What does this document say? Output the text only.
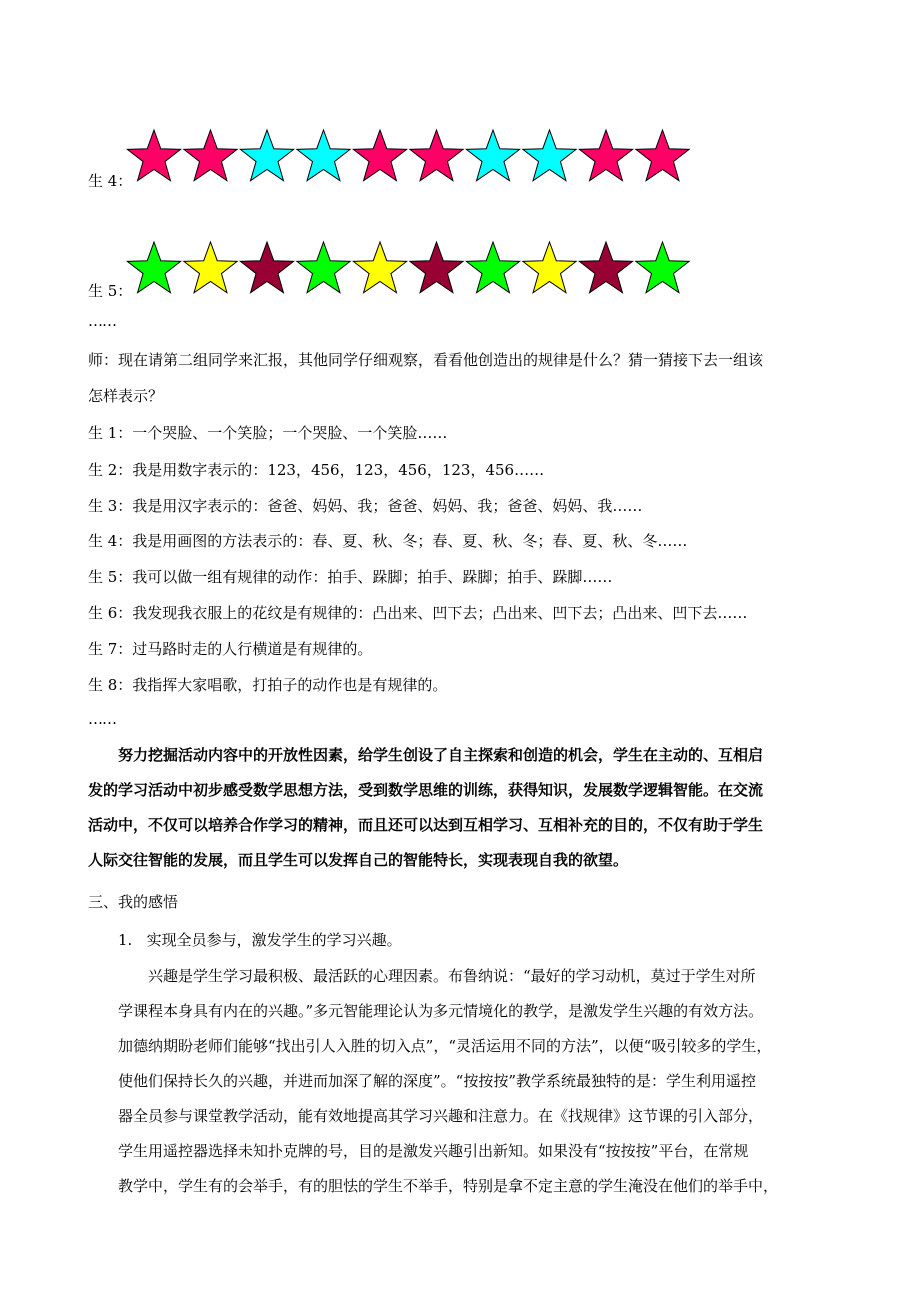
生 4：
生 5：
……
师：现在请第二组同学来汇报，其他同学仔细观察，看看他创造出的规律是什么？猜一猜接下去一组该
怎样表示？
生 1：一个哭脸、一个笑脸；一个哭脸、一个笑脸……
生 2：我是用数字表示的：123，456，123，456，123，456……
生 3：我是用汉字表示的：爸爸、妈妈、我；爸爸、妈妈、我；爸爸、妈妈、我……
生 4：我是用画图的方法表示的：春、夏、秋、冬；春、夏、秋、冬；春、夏、秋、冬……
生 5：我可以做一组有规律的动作：拍手、跺脚；拍手、跺脚；拍手、跺脚……
生 6：我发现我衣服上的花纹是有规律的：凸出来、凹下去；凸出来、凹下去；凸出来、凹下去……
生 7：过马路时走的人行横道是有规律的。
生 8：我指挥大家唱歌，打拍子的动作也是有规律的。
……

努力挖掘活动内容中的开放性因素，给学生创设了自主探索和创造的机会，学生在主动的、互相启

发的学习活动中初步感受数学思想方法，受到数学思维的训练，获得知识，发展数学逻辑智能。在交流

活动中，不仅可以培养合作学习的精神，而且还可以达到互相学习、互相补充的目的，不仅有助于学生

人际交往智能的发展，而且学生可以发挥自己的智能特长，实现表现自我的欲望。

三、我的感悟
1.   实现全员参与，激发学生的学习兴趣。

兴趣是学生学习最积极、最活跃的心理因素。布鲁纳说：“最好的学习动机，莫过于学生对所

学课程本身具有内在的兴趣。”多元智能理论认为多元情境化的教学，是激发学生兴趣的有效方法。

加德纳期盼老师们能够“找出引人入胜的切入点”，“灵活运用不同的方法”，以便“吸引较多的学生，

使他们保持长久的兴趣，并进而加深了解的深度”。“按按按”教学系统最独特的是：学生利用遥控

器全员参与课堂教学活动，能有效地提高其学习兴趣和注意力。在《找规律》这节课的引入部分，

学生用遥控器选择未知扑克牌的号，目的是激发兴趣引出新知。如果没有“按按按”平台，在常规

教学中，学生有的会举手，有的胆怯的学生不举手，特别是拿不定主意的学生淹没在他们的举手中，
